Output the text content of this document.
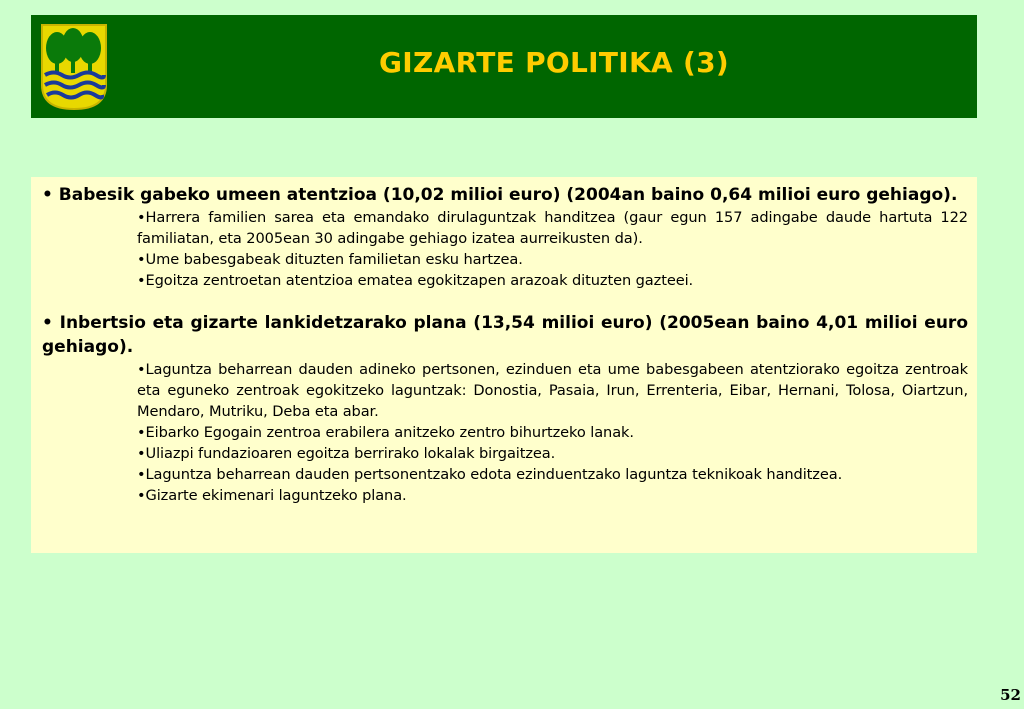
GIZARTE POLITIKA (3)
• Babesik gabeko umeen atentzioa (10,02 milioi euro) (2004an baino 0,64 milioi euro gehiago).
•Harrera familien sarea eta emandako dirulaguntzak handitzea (gaur egun 157 adingabe daude hartuta 122 familiatan, eta 2005ean 30 adingabe gehiago izatea aurreikusten da).
•Ume babesgabeak dituzten familietan esku hartzea.
•Egoitza zentroetan atentzioa ematea egokitzapen arazoak dituzten gazteei.
• Inbertsio eta gizarte lankidetzarako plana (13,54 milioi euro) (2005ean baino 4,01 milioi euro gehiago).
•Laguntza beharrean dauden adineko pertsonen, ezinduen eta ume babesgabeen atentziorako egoitza zentroak eta eguneko zentroak egokitzeko laguntzak: Donostia, Pasaia, Irun, Errenteria, Eibar, Hernani, Tolosa, Oiartzun, Mendaro, Mutriku, Deba eta abar.
•Eibarko Egogain zentroa erabilera anitzeko zentro bihurtzeko lanak.
•Uliazpi fundazioaren egoitza berrirako lokalak birgaitzea.
•Laguntza beharrean dauden pertsonentzako edota ezinduentzako laguntza teknikoak handitzea.
•Gizarte ekimenari laguntzeko plana.
52
